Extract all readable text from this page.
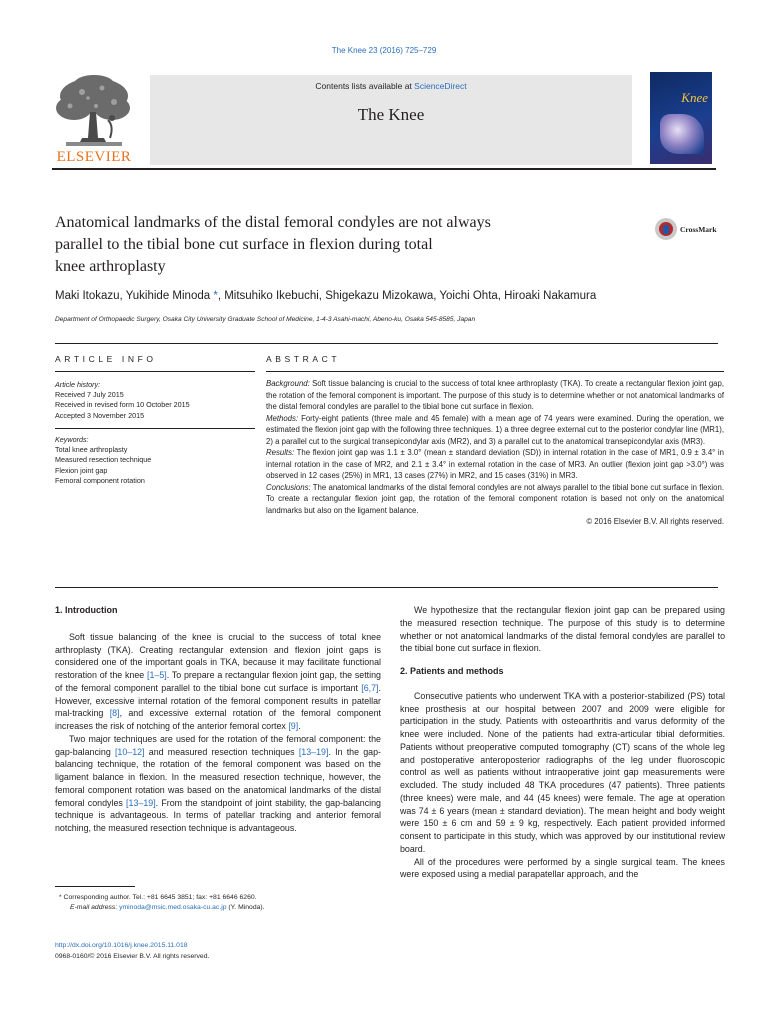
The Knee 23 (2016) 725–729
ELSEVIER
Contents lists available at ScienceDirect
The Knee
Knee
Anatomical landmarks of the distal femoral condyles are not always
parallel to the tibial bone cut surface in flexion during total
knee arthroplasty
CrossMark
Maki Itokazu, Yukihide Minoda *, Mitsuhiko Ikebuchi, Shigekazu Mizokawa, Yoichi Ohta, Hiroaki Nakamura
Department of Orthopaedic Surgery, Osaka City University Graduate School of Medicine, 1-4-3 Asahi-machi, Abeno-ku, Osaka 545-8585, Japan
ARTICLE INFO	ABSTRACT
Article history:
Received 7 July 2015
Received in revised form 10 October 2015
Accepted 3 November 2015
Keywords:
Total knee arthroplasty
Measured resection technique
Flexion joint gap
Femoral component rotation

Background: Soft tissue balancing is crucial to the success of total knee arthroplasty (TKA). To create a rectangular flexion joint gap, the rotation of the femoral component is important. The purpose of this study is to determine whether or not anatomical landmarks of the distal femoral condyles are parallel to the tibial bone cut surface in flexion.

Methods: Forty-eight patients (three male and 45 female) with a mean age of 74 years were examined. During the operation, we estimated the flexion joint gap with the following three techniques. 1) a three degree external cut to the posterior condylar line (MR1), 2) a parallel cut to the surgical transepicondylar axis (MR2), and 3) a parallel cut to the anatomical transepicondylar axis (MR3).

Results: The flexion joint gap was 1.1 ± 3.0° (mean ± standard deviation (SD)) in internal rotation in the case of MR1, 0.9 ± 3.4° in internal rotation in the case of MR2, and 2.1 ± 3.4° in external rotation in the case of MR3. An outlier (flexion joint gap >3.0°) was observed in 12 cases (25%) in MR1, 13 cases (27%) in MR2, and 15 cases (31%) in MR3.

Conclusions: The anatomical landmarks of the distal femoral condyles are not always parallel to the tibial bone cut surface in flexion. To create a rectangular flexion joint gap, the rotation of the femoral component rotation is based not only on the anatomical landmarks but also on the ligament balance.

© 2016 Elsevier B.V. All rights reserved.

1. Introduction

Soft tissue balancing of the knee is crucial to the success of total knee arthroplasty (TKA). Creating rectangular extension and flexion joint gaps is considered one of the important goals in TKA, because it may facilitate functional restoration of the knee [1–5]. To prepare a rectangular flexion joint gap, the setting of the femoral component parallel to the tibial bone cut surface is important [6,7]. However, excessive internal rotation of the femoral component results in patellar mal-tracking [8], and excessive external rotation of the femoral component increases the risk of notching of the anterior femoral cortex [9].

Two major techniques are used for the rotation of the femoral component: the gap-balancing [10–12] and measured resection techniques [13–19]. In the gap-balancing technique, the rotation of the femoral component was based on the ligament balance in flexion. In the measured resection technique, however, the femoral component rotation was based on the anatomical landmarks of the distal femoral condyles [13–19]. From the standpoint of joint stability, the gap-balancing technique is advantageous. In terms of patellar tracking and anterior femoral notching, the measured resection technique is advantageous.

We hypothesize that the rectangular flexion joint gap can be prepared using the measured resection technique. The purpose of this study is to determine whether or not anatomical landmarks of the distal femoral condyles are parallel to the tibial bone cut surface in flexion.

2. Patients and methods

Consecutive patients who underwent TKA with a posterior-stabilized (PS) total knee prosthesis at our hospital between 2007 and 2009 were eligible for participation in the study. Patients with osteoarthritis and varus deformity of the knee were included. None of the patients had extra-articular tibial deformities. Patients without preoperative computed tomography (CT) scans of the whole leg and postoperative anteroposterior radiographs of the leg under fluoroscopic control as well as patients without intraoperative joint gap measurements were excluded. The study included 48 TKA procedures (47 patients). Three patients (three knees) were male, and 44 (45 knees) were female. The age at operation was 74 ± 6 years (mean ± standard deviation). The mean height and body weight were 150 ± 6 cm and 59 ± 9 kg, respectively. Each patient provided informed consent to participate in this study, which was approved by our institutional review board.

All of the procedures were performed by a single surgical team. The knees were exposed using a medial parapatellar approach, and the

* Corresponding author. Tel.: +81 6645 3851; fax: +81 6646 6260.
E-mail address: yminoda@msic.med.osaka-cu.ac.jp (Y. Minoda).
http://dx.doi.org/10.1016/j.knee.2015.11.018
0968-0160/© 2016 Elsevier B.V. All rights reserved.
